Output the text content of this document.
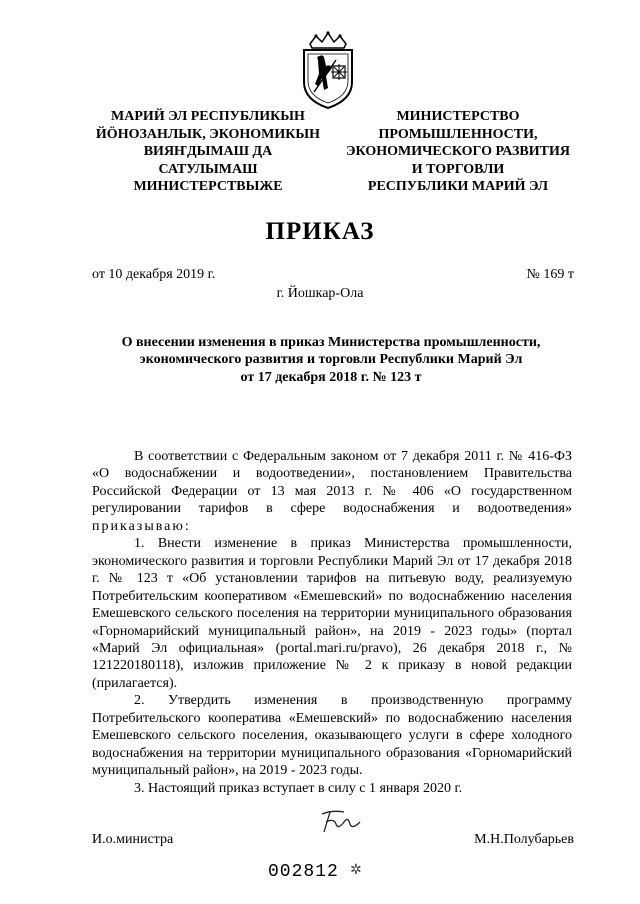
МАРИЙ ЭЛ РЕСПУБЛИКЫН
ЙӦНОЗАНЛЫК, ЭКОНОМИКЫН
ВИЯҤДЫМАШ ДА
САТУЛЫМАШ
МИНИСТЕРСТВЫЖЕ
МИНИСТЕРСТВО
ПРОМЫШЛЕННОСТИ,
ЭКОНОМИЧЕСКОГО РАЗВИТИЯ
И ТОРГОВЛИ
РЕСПУБЛИКИ МАРИЙ ЭЛ
ПРИКАЗ
от 10 декабря 2019 г.	№ 169 т
г. Йошкар-Ола
О внесении изменения в приказ Министерства промышленности,
экономического развития и торговли Республики Марий Эл
от 17 декабря 2018 г. № 123 т

В соответствии с Федеральным законом от 7 декабря 2011 г. № 416-ФЗ «О водоснабжении и водоотведении», постановлением Правительства Российской Федерации от 13 мая 2013 г. № 406 «О государственном регулировании тарифов в сфере водоснабжения и водоотведения» приказываю:

1. Внести изменение в приказ Министерства промышленности, экономического развития и торговли Республики Марий Эл от 17 декабря 2018 г. № 123 т «Об установлении тарифов на питьевую воду, реализуемую Потребительским кооперативом «Емешевский» по водоснабжению населения Емешевского сельского поселения на территории муниципального образования «Горномарийский муниципальный район», на 2019 - 2023 годы» (портал «Марий Эл официальная» (portal.mari.ru/pravo), 26 декабря 2018 г., № 121220180118), изложив приложение № 2 к приказу в новой редакции (прилагается).

2. Утвердить изменения в производственную программу Потребительского кооператива «Емешевский» по водоснабжению населения Емешевского сельского поселения, оказывающего услуги в сфере холодного водоснабжения на территории муниципального образования «Горномарийский муниципальный район», на 2019 - 2023 годы.

3. Настоящий приказ вступает в силу с 1 января 2020 г.

И.о.министра	М.Н.Полубарьев
002812 ✲
